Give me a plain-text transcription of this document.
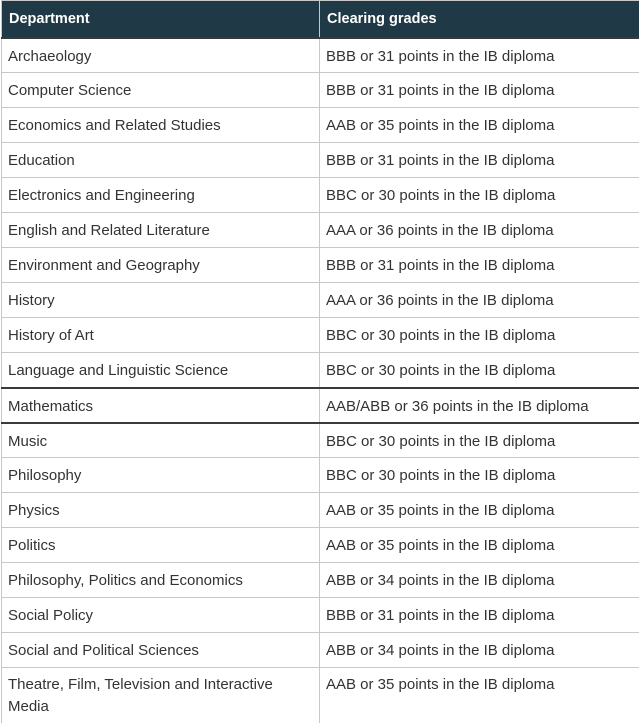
Department	Clearing grades
Archaeology	BBB or 31 points in the IB diploma
Computer Science	BBB or 31 points in the IB diploma
Economics and Related Studies	AAB or 35 points in the IB diploma
Education	BBB or 31 points in the IB diploma
Electronics and Engineering	BBC or 30 points in the IB diploma
English and Related Literature	AAA or 36 points in the IB diploma
Environment and Geography	BBB or 31 points in the IB diploma
History	AAA or 36 points in the IB diploma
History of Art	BBC or 30 points in the IB diploma
Language and Linguistic Science	BBC or 30 points in the IB diploma
Mathematics	AAB/ABB or 36 points in the IB diploma
Music	BBC or 30 points in the IB diploma
Philosophy	BBC or 30 points in the IB diploma
Physics	AAB or 35 points in the IB diploma
Politics	AAB or 35 points in the IB diploma
Philosophy, Politics and Economics	ABB or 34 points in the IB diploma
Social Policy	BBB or 31 points in the IB diploma
Social and Political Sciences	ABB or 34 points in the IB diploma
Theatre, Film, Television and Interactive Media	AAB or 35 points in the IB diploma
